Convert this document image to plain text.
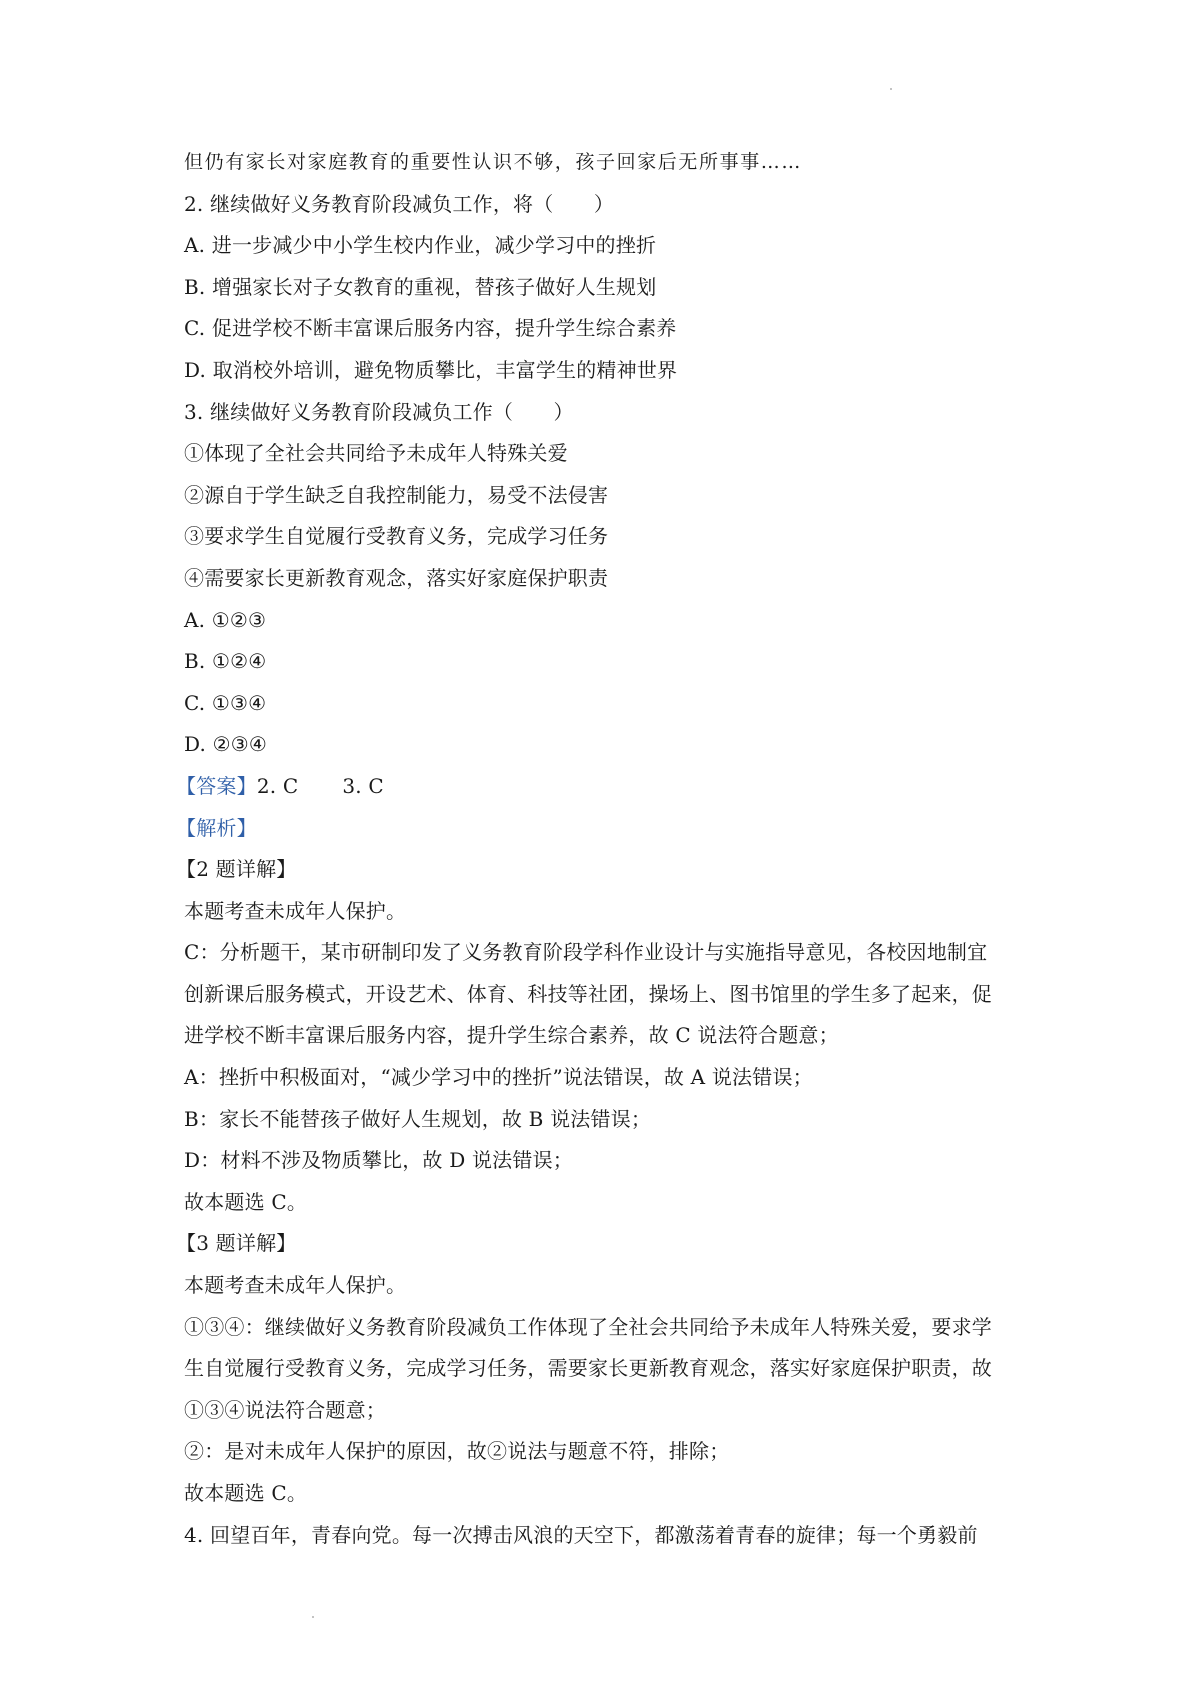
但仍有家长对家庭教育的重要性认识不够，孩子回家后无所事事……
2. 继续做好义务教育阶段减负工作，将（　　）
A. 进一步减少中小学生校内作业，减少学习中的挫折
B. 增强家长对子女教育的重视，替孩子做好人生规划
C. 促进学校不断丰富课后服务内容，提升学生综合素养
D. 取消校外培训，避免物质攀比，丰富学生的精神世界
3. 继续做好义务教育阶段减负工作（　　）
①体现了全社会共同给予未成年人特殊关爱
②源自于学生缺乏自我控制能力，易受不法侵害
③要求学生自觉履行受教育义务，完成学习任务
④需要家长更新教育观念，落实好家庭保护职责
A. ①②③
B. ①②④
C. ①③④
D. ②③④
【答案】2. C 3. C
【解析】
【2 题详解】
本题考查未成年人保护。
C：分析题干，某市研制印发了义务教育阶段学科作业设计与实施指导意见，各校因地制宜
创新课后服务模式，开设艺术、体育、科技等社团，操场上、图书馆里的学生多了起来，促
进学校不断丰富课后服务内容，提升学生综合素养，故 C 说法符合题意；
A：挫折中积极面对，“减少学习中的挫折”说法错误，故 A 说法错误；
B：家长不能替孩子做好人生规划，故 B 说法错误；
D：材料不涉及物质攀比，故 D 说法错误；
故本题选 C。
【3 题详解】
本题考查未成年人保护。
①③④：继续做好义务教育阶段减负工作体现了全社会共同给予未成年人特殊关爱，要求学
生自觉履行受教育义务，完成学习任务，需要家长更新教育观念，落实好家庭保护职责，故
①③④说法符合题意；
②：是对未成年人保护的原因，故②说法与题意不符，排除；
故本题选 C。
4. 回望百年，青春向党。每一次搏击风浪的天空下，都激荡着青春的旋律；每一个勇毅前
